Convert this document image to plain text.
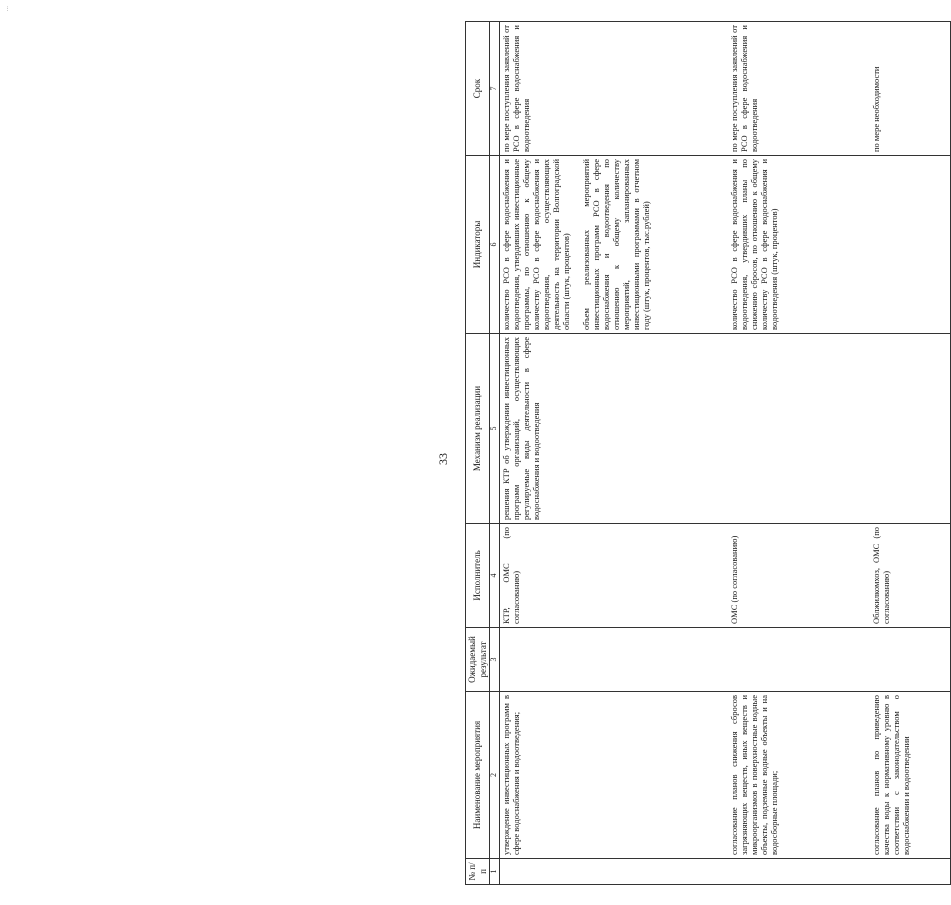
...
33
№ п/п	Наименование мероприятия	Ожидаемый результат	Исполнитель	Механизм реализации	Индикаторы	Срок
1	2	3	4	5	6	7
	утверждение инвестиционных программ в сфере водоснабжения и водоотведения;		КТР, ОМС (по согласованию)	решения КТР об утверждении инвестиционных программ организаций, осуществляющих регулируемые виды деятельности в сфере водоснабжения и водоотведения	количество РСО в сфере водоснабжения и водоотведения, утвердивших инвестиционные программы, по отношению к общему количеству РСО в сфере водоснабжения и водоотведения, осуществляющих деятельность на территории Волгоградской области (штук, процентов) объем реализованных мероприятий инвестиционных программ РСО в сфере водоснабжения и водоотведения по отношению к общему количеству мероприятий, запланированных инвестиционными программами в отчетном году (штук, процентов, тыс.рублей)	по мере поступления заявлений от РСО в сфере водоснабжения и водоотведения
	согласование планов снижения сбросов загрязняющих веществ, иных веществ и микроорганизмов в поверхностные водные объекты, подземные водные объекты и на водосборные площади;		ОМС (по согласованию)		количество РСО в сфере водоснабжения и водоотведения, утвердивших планы по снижению сбросов, по отношению к общему количеству РСО в сфере водоснабжения и водоотведения (штук, процентов)	по мере поступления заявлений от РСО в сфере водоснабжения и водоотведения
	согласование планов по приведению качества воды к нормативному уровню в соответствии с законодательством о водоснабжении и водоотведении		Облжилкомхоз, ОМС (по согласованию)			по мере необходимости
